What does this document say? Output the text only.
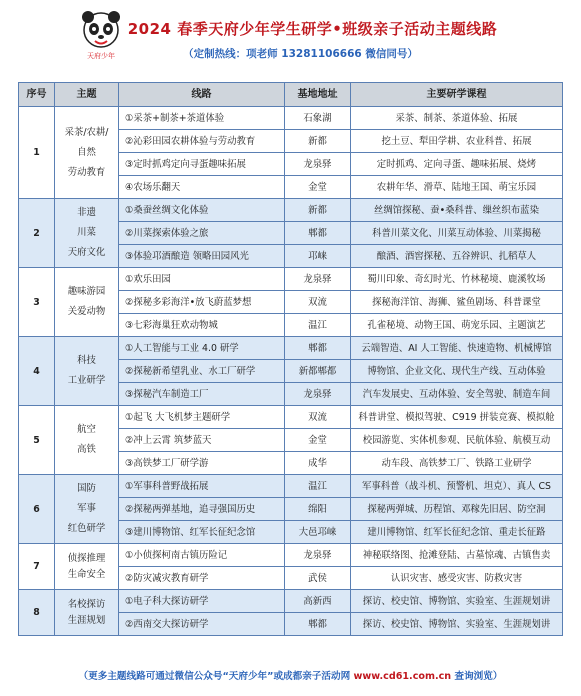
天府少年
2024 春季天府少年学生研学•班级亲子活动主题线路
（定制热线：项老师 13281106666 微信同号）
序号	主题	线路	基地地址	主要研学课程
1	采茶/农耕/
自然
劳动教育	①采茶+制茶+茶道体验	石象湖	采茶、制茶、茶道体验、拓展
		②沁彩田园农耕体验与劳动教育	新都	挖土豆、犁田学耕、农业科普、拓展
		③定时抓鸡定向寻蛋趣味拓展	龙泉驿	定时抓鸡、定向寻蛋、趣味拓展、烧烤
		④农场乐翻天	金堂	农耕年华、滑草、陆地王国、萌宝乐园
2	非遗
川菜
天府文化	①桑蚕丝绸文化体验	新都	丝绸馆探秘、蚕•桑科普、缫丝织布蓝染
		②川菜探索体验之旅	郫都	科普川菜文化、川菜互动体验、川菜揭秘
		③体验邛酒酿造 领略田园风光	邛崃	酿酒、酒窖探秘、五谷辨识、扎稻草人
3	趣味游园
关爱动物	①欢乐田园	龙泉驿	蜀川印象、奇幻时光、竹林秘境、鹿溪牧场
		②探秘多彩海洋•放飞蔚蓝梦想	双流	探秘海洋馆、海狮、鲨鱼剧场、科普课堂
		③七彩海巢狂欢动物城	温江	孔雀秘境、动物王国、萌宠乐园、主题演艺
4	科技
工业研学	①人工智能与工业 4.0 研学	郫都	云端智造、AI 人工智能、快速造物、机械博馆
		②探秘新希望乳业、水工厂研学	新都郫都	博物馆、企业文化、现代生产线、互动体验
		③探秘汽车制造工厂	龙泉驿	汽车发展史、互动体验、安全驾驶、制造车间
5	航空
高铁	①起飞 大飞机梦主题研学	双流	科普讲堂、模拟驾驶、C919 拼装竞赛、模拟舱
		②冲上云霄 筑梦蓝天	金堂	校园游览、实体机参观、民航体验、航模互动
		③高铁梦工厂研学游	成华	动车段、高铁梦工厂、铁路工业研学
6	国防
军事
红色研学	①军事科普野战拓展	温江	军事科普（战斗机、预警机、坦克）、真人 CS
		②探秘两弹基地，追寻强国历史	绵阳	探秘两弹城、历程馆、邓稼先旧居、防空洞
		③建川博物馆、红军长征纪念馆	大邑邛崃	建川博物馆、红军长征纪念馆、重走长征路
7	侦探推理
生命安全	①小侦探柯南古镇历险记	龙泉驿	神秘联络图、抢滩登陆、古墓惊魂、古镇售卖
		②防灾减灾教育研学	武侯	认识灾害、感受灾害、防救灾害
8	名校探访
生涯规划	①电子科大探访研学	高新西	探访、校史馆、博物馆、实验室、生涯规划讲
		②西南交大探访研学	郫都	探访、校史馆、博物馆、实验室、生涯规划讲
（更多主题线路可通过微信公众号“天府少年”或成都亲子活动网 www.cd61.com.cn 查询浏览）
